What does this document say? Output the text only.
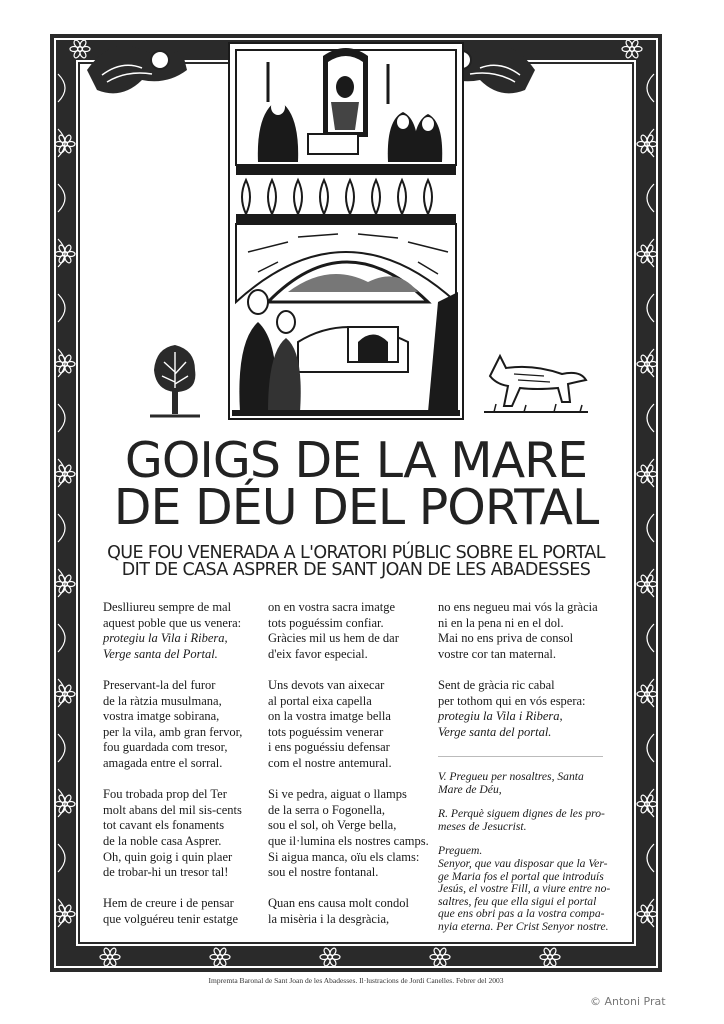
GOIGS DE LA MARE
DE DÉU DEL PORTAL
QUE FOU VENERADA A L'ORATORI PÚBLIC SOBRE EL PORTAL
DIT DE CASA ASPRER DE SANT JOAN DE LES ABADESSES
Deslliureu sempre de mal
aquest poble que us venera:
protegiu la Vila i Ribera,
Verge santa del Portal.
Preservant-la del furor
de la ràtzia musulmana,
vostra imatge sobirana,
per la vila, amb gran fervor,
fou guardada com tresor,
amagada entre el sorral.
Fou trobada prop del Ter
molt abans del mil sis-cents
tot cavant els fonaments
de la noble casa Asprer.
Oh, quin goig i quin plaer
de trobar-hi un tresor tal!
Hem de creure i de pensar
que volguéreu tenir estatge
on en vostra sacra imatge
tots poguéssim confiar.
Gràcies mil us hem de dar
d'eix favor especial.
Uns devots van aixecar
al portal eixa capella
on la vostra imatge bella
tots poguéssim venerar
i ens poguéssiu defensar
com el nostre antemural.
Si ve pedra, aiguat o llamps
de la serra o Fogonella,
sou el sol, oh Verge bella,
que il·lumina els nostres camps.
Si aigua manca, oïu els clams:
sou el nostre fontanal.
Quan ens causa molt condol
la misèria i la desgràcia,
no ens negueu mai vós la gràcia
ni en la pena ni en el dol.
Mai no ens priva de consol
vostre cor tan maternal.
Sent de gràcia ric cabal
per tothom qui en vós espera:
protegiu la Vila i Ribera,
Verge santa del portal.
V. Pregueu per nosaltres, Santa
Mare de Déu,
R. Perquè siguem dignes de les pro-
meses de Jesucrist.
Preguem.
Senyor, que vau disposar que la Ver-
ge Maria fos el portal que introduís
Jesús, el vostre Fill, a viure entre no-
saltres, feu que ella sigui el portal
que ens obri pas a la vostra compa-
nyia eterna. Per Crist Senyor nostre.
Impremta Baronal de Sant Joan de les Abadesses. Il·lustracions de Jordi Canelles. Febrer del 2003
© Antoni Prat
